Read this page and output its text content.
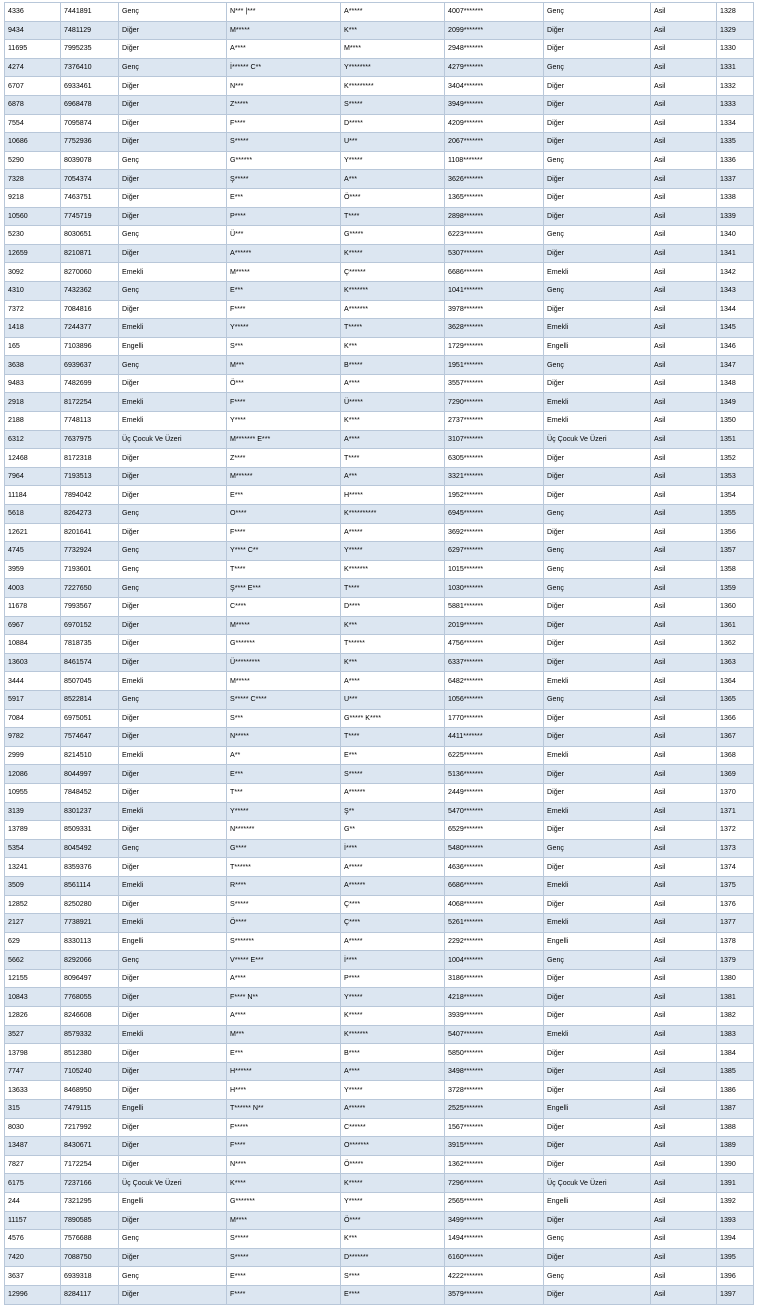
4336	7441891	Genç	N*** |***	A*****	4007*******	Genç	Asil	1328
9434	7481129	Diğer	M*****	K***	2099*******	Diğer	Asil	1329
11695	7995235	Diğer	A****	M****	2948*******	Diğer	Asil	1330
4274	7376410	Genç	İ****** C**	Y********	4279*******	Genç	Asil	1331
6707	6933461	Diğer	N***	K*********	3404*******	Diğer	Asil	1332
6878	6968478	Diğer	Z*****	S*****	3949*******	Diğer	Asil	1333
7554	7095874	Diğer	F****	D*****	4209*******	Diğer	Asil	1334
10686	7752936	Diğer	S*****	U***	2067*******	Diğer	Asil	1335
5290	8039078	Genç	G******	Y*****	1108*******	Genç	Asil	1336
7328	7054374	Diğer	Ş*****	A***	3626*******	Diğer	Asil	1337
9218	7463751	Diğer	E***	Ö****	1365*******	Diğer	Asil	1338
10560	7745719	Diğer	P****	T****	2898*******	Diğer	Asil	1339
5230	8030651	Genç	Ü***	G*****	6223*******	Genç	Asil	1340
12659	8210871	Diğer	A******	K*****	5307*******	Diğer	Asil	1341
3092	8270060	Emekli	M*****	Ç******	6686*******	Emekli	Asil	1342
4310	7432362	Genç	E***	K*******	1041*******	Genç	Asil	1343
7372	7084816	Diğer	F****	A*******	3978*******	Diğer	Asil	1344
1418	7244377	Emekli	Y*****	T*****	3628*******	Emekli	Asil	1345
165	7103896	Engelli	S***	K***	1729*******	Engelli	Asil	1346
3638	6939637	Genç	M***	B*****	1951*******	Genç	Asil	1347
9483	7482699	Diğer	Ö***	A****	3557*******	Diğer	Asil	1348
2918	8172254	Emekli	F****	Ü*****	7290*******	Emekli	Asil	1349
2188	7748113	Emekli	Y****	K****	2737*******	Emekli	Asil	1350
6312	7637975	Üç Çocuk Ve Üzeri	M******* E***	A****	3107*******	Üç Çocuk Ve Üzeri	Asil	1351
12468	8172318	Diğer	Z****	T****	6305*******	Diğer	Asil	1352
7964	7193513	Diğer	M******	A***	3321*******	Diğer	Asil	1353
11184	7894042	Diğer	E***	H*****	1952*******	Diğer	Asil	1354
5618	8264273	Genç	O****	K**********	6945*******	Genç	Asil	1355
12621	8201641	Diğer	F****	A*****	3692*******	Diğer	Asil	1356
4745	7732924	Genç	Y**** C**	Y*****	6297*******	Genç	Asil	1357
3959	7193601	Genç	T****	K*******	1015*******	Genç	Asil	1358
4003	7227650	Genç	Ş**** E***	T****	1030*******	Genç	Asil	1359
11678	7993567	Diğer	C****	D****	5881*******	Diğer	Asil	1360
6967	6970152	Diğer	M*****	K***	2019*******	Diğer	Asil	1361
10884	7818735	Diğer	G*******	T******	4756*******	Diğer	Asil	1362
13603	8461574	Diğer	Ü*********	K***	6337*******	Diğer	Asil	1363
3444	8507045	Emekli	M*****	A****	6482*******	Emekli	Asil	1364
5917	8522814	Genç	S***** C****	U***	1056*******	Genç	Asil	1365
7084	6975051	Diğer	S***	G***** K****	1770*******	Diğer	Asil	1366
9782	7574647	Diğer	N*****	T****	4411*******	Diğer	Asil	1367
2999	8214510	Emekli	A**	E***	6225*******	Emekli	Asil	1368
12086	8044997	Diğer	E***	S*****	5136*******	Diğer	Asil	1369
10955	7848452	Diğer	T***	A******	2449*******	Diğer	Asil	1370
3139	8301237	Emekli	Y*****	Ş**	5470*******	Emekli	Asil	1371
13789	8509331	Diğer	N*******	G**	6529*******	Diğer	Asil	1372
5354	8045492	Genç	G****	İ****	5480*******	Genç	Asil	1373
13241	8359376	Diğer	T******	A*****	4636*******	Diğer	Asil	1374
3509	8561114	Emekli	R****	A******	6686*******	Emekli	Asil	1375
12852	8250280	Diğer	S*****	Ç****	4068*******	Diğer	Asil	1376
2127	7738921	Emekli	Ö****	Ç****	5261*******	Emekli	Asil	1377
629	8330113	Engelli	S*******	A*****	2292*******	Engelli	Asil	1378
5662	8292066	Genç	V***** E***	İ****	1004*******	Genç	Asil	1379
12155	8096497	Diğer	A****	P****	3186*******	Diğer	Asil	1380
10843	7768055	Diğer	F**** N**	Y*****	4218*******	Diğer	Asil	1381
12826	8246608	Diğer	A****	K*****	3939*******	Diğer	Asil	1382
3527	8579332	Emekli	M***	K*******	5407*******	Emekli	Asil	1383
13798	8512380	Diğer	E***	B****	5850*******	Diğer	Asil	1384
7747	7105240	Diğer	H******	A****	3498*******	Diğer	Asil	1385
13633	8468950	Diğer	H****	Y*****	3728*******	Diğer	Asil	1386
315	7479115	Engelli	T****** N**	A******	2525*******	Engelli	Asil	1387
8030	7217992	Diğer	F*****	C******	1567*******	Diğer	Asil	1388
13487	8430671	Diğer	F****	O*******	3915*******	Diğer	Asil	1389
7827	7172254	Diğer	N****	Ö*****	1362*******	Diğer	Asil	1390
6175	7237166	Üç Çocuk Ve Üzeri	K****	K*****	7296*******	Üç Çocuk Ve Üzeri	Asil	1391
244	7321295	Engelli	G*******	Y*****	2565*******	Engelli	Asil	1392
11157	7890585	Diğer	M****	Ö****	3499*******	Diğer	Asil	1393
4576	7576688	Genç	S*****	K***	1494*******	Genç	Asil	1394
7420	7088750	Diğer	S*****	D*******	6160*******	Diğer	Asil	1395
3637	6939318	Genç	E****	S****	4222*******	Genç	Asil	1396
12996	8284117	Diğer	F****	E****	3579*******	Diğer	Asil	1397
